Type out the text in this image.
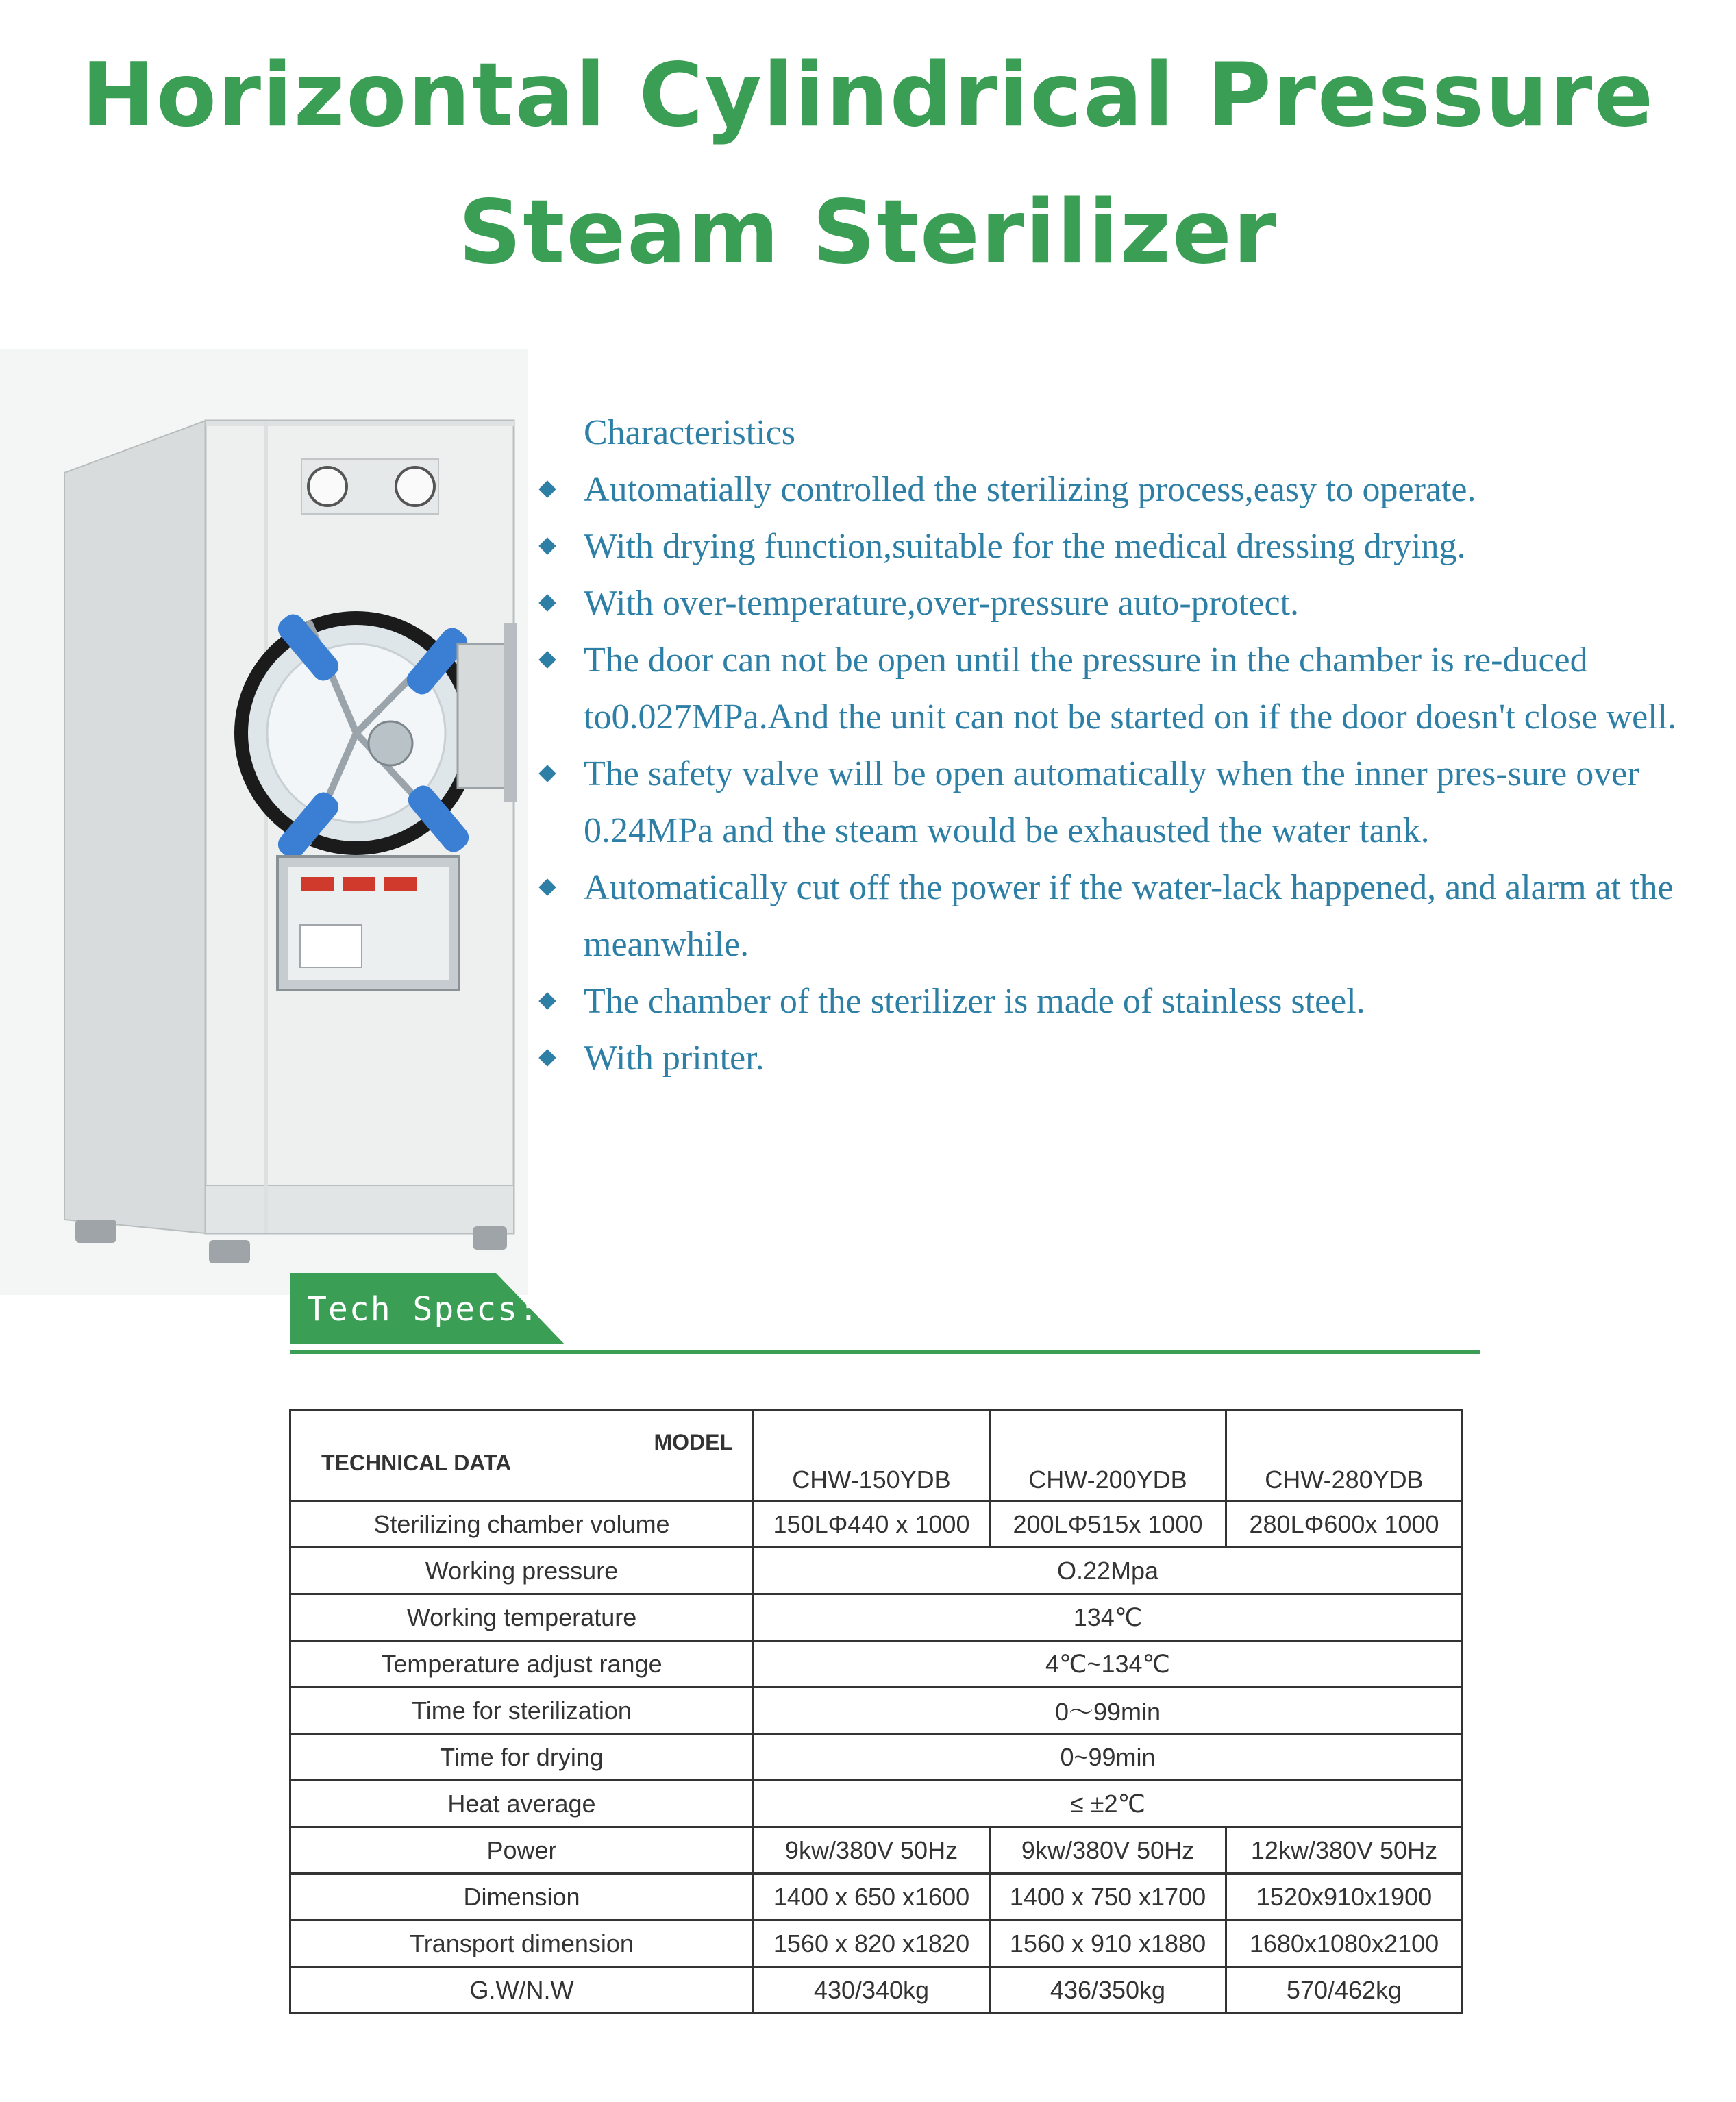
Horizontal Cylindrical Pressure
Steam Sterilizer
Characteristics
Automatially controlled the sterilizing process,easy to operate.
With drying function,suitable for the medical dressing drying.
With over-temperature,over-pressure auto-protect.
The door can not be open until the pressure in the chamber is re-duced to0.027MPa.And the unit can not be started on if the door doesn't close well.
The safety valve will be open automatically when the inner pres-sure over 0.24MPa and the steam would be exhausted the water tank.
Automatically cut off the power if the water-lack happened, and alarm at the meanwhile.
The chamber of the sterilizer is made of stainless steel.
With printer.
Tech Specs:
MODEL
TECHNICAL DATA	CHW-150YDB	CHW-200YDB	CHW-280YDB
Sterilizing chamber volume	150LΦ440 x 1000	200LΦ515x 1000	280LΦ600x 1000
Working pressure	O.22Mpa		
Working temperature	134℃		
Temperature adjust range	4℃~134℃		
Time for sterilization	0～99min		
Time for drying	0~99min		
Heat average	≤ ±2℃		
Power	9kw/380V 50Hz	9kw/380V 50Hz	12kw/380V 50Hz
Dimension	1400 x 650 x1600	1400 x 750 x1700	1520x910x1900
Transport dimension	1560 x 820 x1820	1560 x 910 x1880	1680x1080x2100
G.W/N.W	430/340kg	436/350kg	570/462kg
